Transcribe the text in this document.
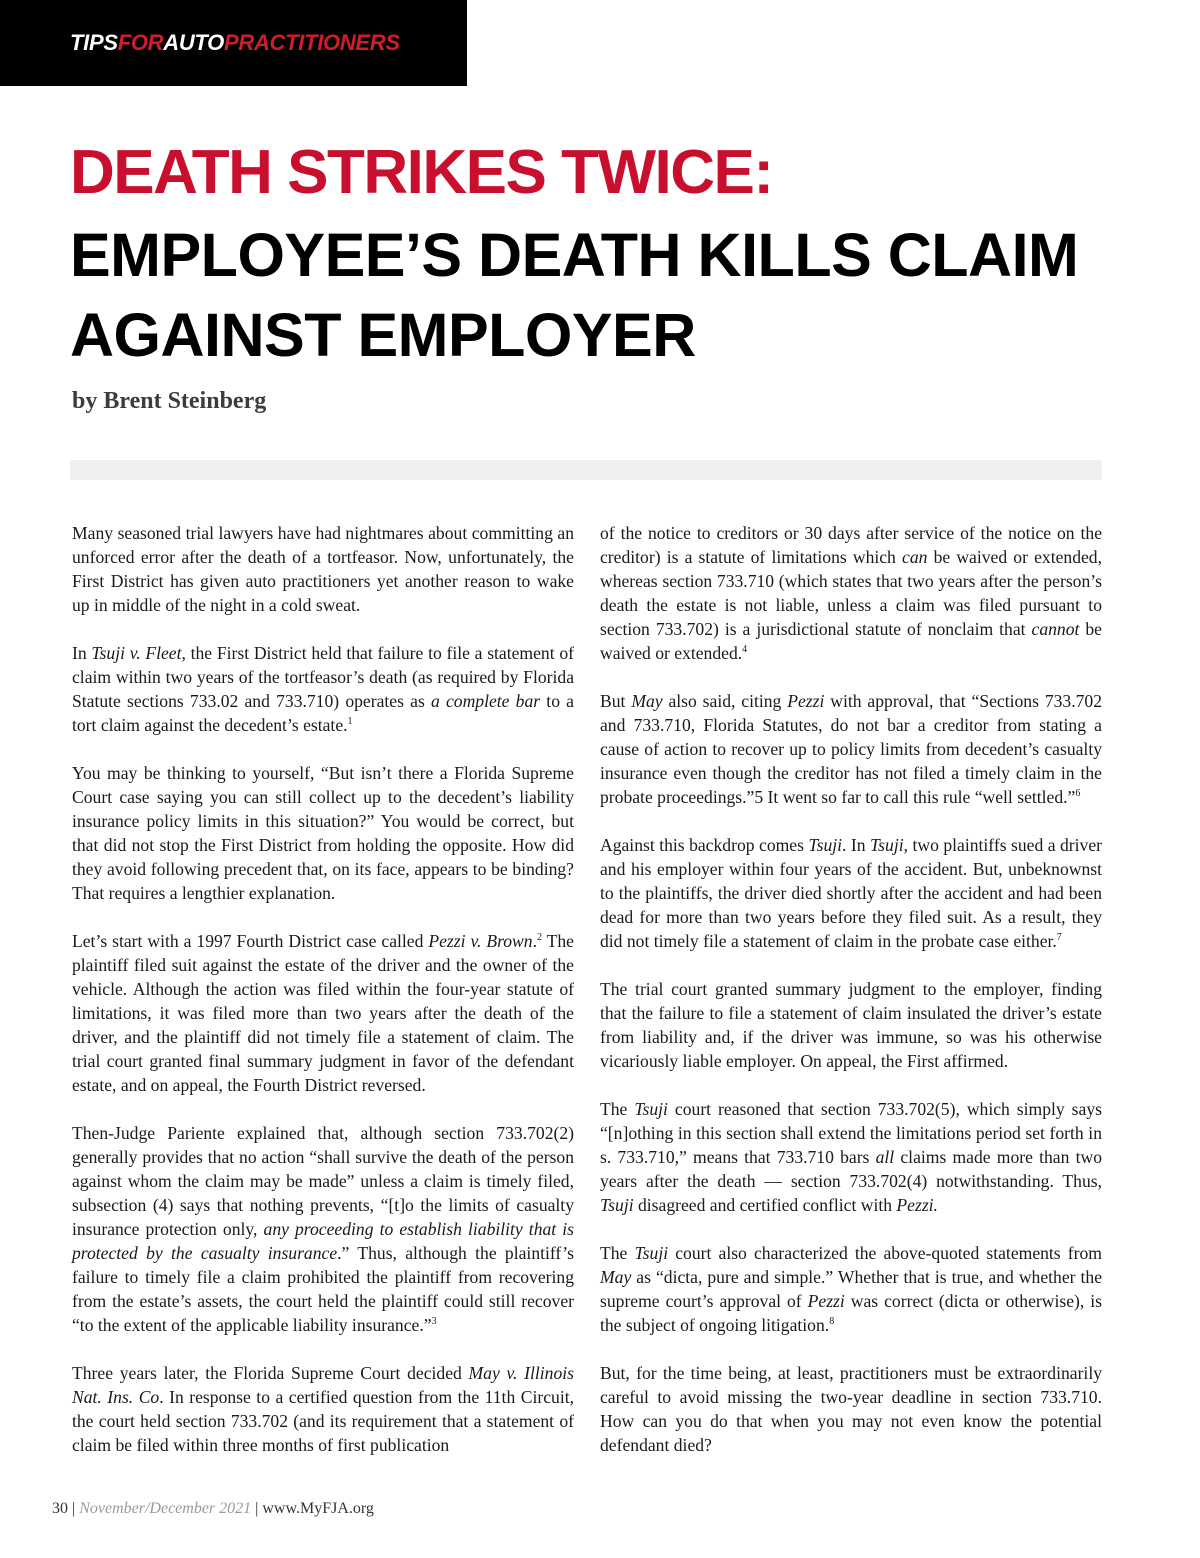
TIPSFORAUTOPRACTITIONERS
DEATH STRIKES TWICE:
EMPLOYEE’S DEATH KILLS CLAIM AGAINST EMPLOYER
by Brent Steinberg

Many seasoned trial lawyers have had nightmares about committing an unforced error after the death of a tortfeasor. Now, unfortunately, the First District has given auto practitioners yet another reason to wake up in middle of the night in a cold sweat.

In Tsuji v. Fleet, the First District held that failure to file a statement of claim within two years of the tortfeasor’s death (as required by Florida Statute sections 733.02 and 733.710) operates as a complete bar to a tort claim against the decedent’s estate.$^1$

You may be thinking to yourself, “But isn’t there a Florida Supreme Court case saying you can still collect up to the decedent’s liability insurance policy limits in this situation?” You would be correct, but that did not stop the First District from holding the opposite. How did they avoid following precedent that, on its face, appears to be binding? That requires a lengthier explanation.

Let’s start with a 1997 Fourth District case called Pezzi v. Brown.$^2$ The plaintiff filed suit against the estate of the driver and the owner of the vehicle. Although the action was filed within the four-year statute of limitations, it was filed more than two years after the death of the driver, and the plaintiff did not timely file a statement of claim. The trial court granted final summary judgment in favor of the defendant estate, and on appeal, the Fourth District reversed.

Then-Judge Pariente explained that, although section 733.702(2) generally provides that no action “shall survive the death of the person against whom the claim may be made” unless a claim is timely filed, subsection (4) says that nothing prevents, “[t]o the limits of casualty insurance protection only, any proceeding to establish liability that is protected by the casualty insurance.” Thus, although the plaintiff’s failure to timely file a claim prohibited the plaintiff from recovering from the estate’s assets, the court held the plaintiff could still recover “to the extent of the applicable liability insurance.”$^3$

Three years later, the Florida Supreme Court decided May v. Illinois Nat. Ins. Co. In response to a certified question from the 11th Circuit, the court held section 733.702 (and its requirement that a statement of claim be filed within three months of first publication

of the notice to creditors or 30 days after service of the notice on the creditor) is a statute of limitations which can be waived or extended, whereas section 733.710 (which states that two years after the person’s death the estate is not liable, unless a claim was filed pursuant to section 733.702) is a jurisdictional statute of nonclaim that cannot be waived or extended.$^4$

But May also said, citing Pezzi with approval, that “Sections 733.702 and 733.710, Florida Statutes, do not bar a creditor from stating a cause of action to recover up to policy limits from decedent’s casualty insurance even though the creditor has not filed a timely claim in the probate proceedings.”5 It went so far to call this rule “well settled.”$^6$

Against this backdrop comes Tsuji. In Tsuji, two plaintiffs sued a driver and his employer within four years of the accident. But, unbeknownst to the plaintiffs, the driver died shortly after the accident and had been dead for more than two years before they filed suit. As a result, they did not timely file a statement of claim in the probate case either.$^7$

The trial court granted summary judgment to the employer, finding that the failure to file a statement of claim insulated the driver’s estate from liability and, if the driver was immune, so was his otherwise vicariously liable employer. On appeal, the First affirmed.

The Tsuji court reasoned that section 733.702(5), which simply says “[n]othing in this section shall extend the limitations period set forth in s. 733.710,” means that 733.710 bars all claims made more than two years after the death — section 733.702(4) notwithstanding. Thus, Tsuji disagreed and certified conflict with Pezzi.

The Tsuji court also characterized the above-quoted statements from May as “dicta, pure and simple.” Whether that is true, and whether the supreme court’s approval of Pezzi was correct (dicta or otherwise), is the subject of ongoing litigation.$^8$

But, for the time being, at least, practitioners must be extraordinarily careful to avoid missing the two-year deadline in section 733.710. How can you do that when you may not even know the potential defendant died?

30 | November/December 2021 | www.MyFJA.org
